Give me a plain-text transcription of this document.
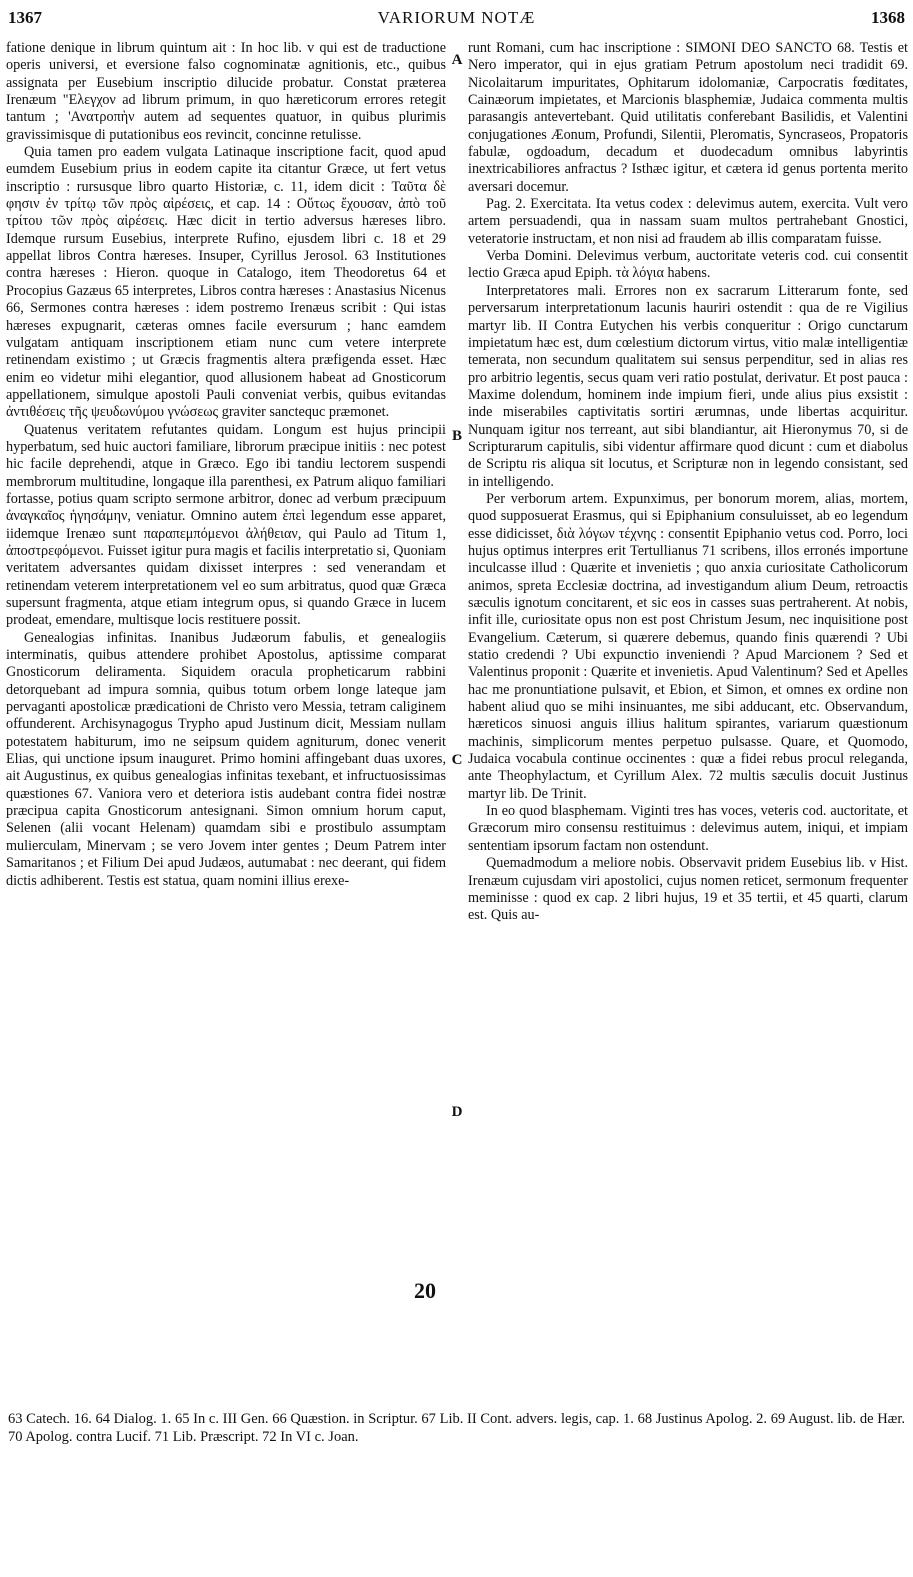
1367	VARIORUM NOTÆ	1368

fatione denique in librum quintum ait : In hoc lib. v qui est de traductione operis universi, et eversione falso cognominatæ agnitionis, etc., quibus assignata per Eusebium inscriptio dilucide probatur. Constat præterea Irenæum "Ελεγχον ad librum primum, in quo hæreticorum errores retegit tantum ; 'Ανατροπὴν autem ad sequentes quatuor, in quibus plurimis gravissimisque di putationibus eos revincit, concinne retulisse.

Quia tamen pro eadem vulgata Latinaque inscriptione facit, quod apud eumdem Eusebium prius in eodem capite ita citantur Græce, ut fert vetus inscriptio : rursusque libro quarto Historiæ, c. 11, idem dicit : Ταῦτα δὲ φησιν ἐν τρίτῳ τῶν πρὸς αἱρέσεις, et cap. 14 : Οὕτως ἔχουσαν, ἀπὸ τοῦ τρίτου τῶν πρὸς αἱρέσεις. Hæc dicit in tertio adversus hæreses libro. Idemque rursum Eusebius, interprete Rufino, ejusdem libri c. 18 et 29 appellat libros Contra hæreses. Insuper, Cyrillus Jerosol. 63 Institutiones contra hæreses : Hieron. quoque in Catalogo, item Theodoretus 64 et Procopius Gazæus 65 interpretes, Libros contra hæreses : Anastasius Nicenus 66, Sermones contra hæreses : idem postremo Irenæus scribit : Qui istas hæreses expugnarit, cæteras omnes facile eversurum ; hanc eamdem vulgatam antiquam inscriptionem etiam nunc cum vetere interprete retinendam existimo ; ut Græcis fragmentis altera præfigenda esset. Hæc enim eo videtur mihi elegantior, quod allusionem habeat ad Gnosticorum appellationem, simulque apostoli Pauli conveniat verbis, quibus evitandas ἀντιθέσεις τῆς ψευδωνύμου γνώσεως graviter sanctequc præmonet.

Quatenus veritatem refutantes quidam. Longum est hujus principii hyperbatum, sed huic auctori familiare, librorum præcipue initiis : nec potest hic facile deprehendi, atque in Græco. Ego ibi tandiu lectorem suspendi membrorum multitudine, longaque illa parenthesi, ex Patrum aliquo familiari fortasse, potius quam scripto sermone arbitror, donec ad verbum præcipuum ἀναγκαῖος ἡγησάμην, veniatur. Omnino autem ἐπεὶ legendum esse apparet, iidemque Irenæo sunt παραπεμπόμενοι ἀλήθειαν, qui Paulo ad Titum 1, ἀποστρεφόμενοι. Fuisset igitur pura magis et facilis interpretatio si, Quoniam veritatem adversantes quidam dixisset interpres : sed venerandam et retinendam veterem interpretationem vel eo sum arbitratus, quod quæ Græca supersunt fragmenta, atque etiam integrum opus, si quando Græce in lucem prodeat, emendare, multisque locis restituere possit.

Genealogias infinitas. Inanibus Judæorum fabulis, et genealogiis interminatis, quibus attendere prohibet Apostolus, aptissime comparat Gnosticorum deliramenta. Siquidem oracula propheticarum rabbini detorquebant ad impura somnia, quibus totum orbem longe lateque jam pervaganti apostolicæ prædicationi de Christo vero Messia, tetram caliginem offunderent. Archisynagogus Trypho apud Justinum dicit, Messiam nullam potestatem habiturum, imo ne seipsum quidem agniturum, donec venerit Elias, qui unctione ipsum inauguret. Primo homini affingebant duas uxores, ait Augustinus, ex quibus genealogias infinitas texebant, et infructuosissimas quæstiones 67. Vaniora vero et deteriora istis audebant contra fidei nostræ præcipua capita Gnosticorum antesignani. Simon omnium horum caput, Selenen (alii vocant Helenam) quamdam sibi e prostibulo assumptam mulierculam, Minervam ; se vero Jovem inter gentes ; Deum Patrem inter Samaritanos ; et Filium Dei apud Judæos, autumabat : nec deerant, qui fidem dictis adhiberent. Testis est statua, quam nomini illius erexe-

runt Romani, cum hac inscriptione : SIMONI DEO SANCTO 68. Testis et Nero imperator, qui in ejus gratiam Petrum apostolum neci tradidit 69. Nicolaitarum impuritates, Ophitarum idolomaniæ, Carpocratis fœditates, Cainæorum impietates, et Marcionis blasphemiæ, Judaica commenta multis parasangis antevertebant. Quid utilitatis conferebant Basilidis, et Valentini conjugationes Æonum, Profundi, Silentii, Pleromatis, Syncraseos, Propatoris fabulæ, ogdoadum, decadum et duodecadum omnibus labyrintis inextricabiliores anfractus ? Isthæc igitur, et cætera id genus portenta merito aversari docemur.

Pag. 2. Exercitata. Ita vetus codex : delevimus autem, exercita. Vult vero artem persuadendi, qua in nassam suam multos pertrahebant Gnostici, veteratorie instructam, et non nisi ad fraudem ab illis comparatam fuisse.

Verba Domini. Delevimus verbum, auctoritate veteris cod. cui consentit lectio Græca apud Epiph. τὰ λόγια habens.

Interpretatores mali. Errores non ex sacrarum Litterarum fonte, sed perversarum interpretationum lacunis hauriri ostendit : qua de re Vigilius martyr lib. II Contra Eutychen his verbis conqueritur : Origo cunctarum impietatum hæc est, dum cœlestium dictorum virtus, vitio malæ intelligentiæ temerata, non secundum qualitatem sui sensus perpenditur, sed in alias res pro arbitrio legentis, secus quam veri ratio postulat, derivatur. Et post pauca : Maxime dolendum, hominem inde impium fieri, unde alius pius exsistit : inde miserabiles captivitatis sortiri ærumnas, unde libertas acquiritur. Nunquam igitur nos terreant, aut sibi blandiantur, ait Hieronymus 70, si de Scripturarum capitulis, sibi videntur affirmare quod dicunt : cum et diabolus de Scriptu ris aliqua sit locutus, et Scripturæ non in legendo consistant, sed in intelligendo.

Per verborum artem. Expunximus, per bonorum morem, alias, mortem, quod supposuerat Erasmus, qui si Epiphanium consuluisset, ab eo legendum esse didicisset, διὰ λόγων τέχνης : consentit Epiphanio vetus cod. Porro, loci hujus optimus interpres erit Tertullianus 71 scribens, illos erronés importune inculcasse illud : Quærite et invenietis ; quo anxia curiositate Catholicorum animos, spreta Ecclesiæ doctrina, ad investigandum alium Deum, retroactis sæculis ignotum concitarent, et sic eos in casses suas pertraherent. At nobis, infit ille, curiositate opus non est post Christum Jesum, nec inquisitione post Evangelium. Cæterum, si quærere debemus, quando finis quærendi ? Ubi statio credendi ? Ubi expunctio inveniendi ? Apud Marcionem ? Sed et Valentinus proponit : Quærite et invenietis. Apud Valentinum? Sed et Apelles hac me pronuntiatione pulsavit, et Ebion, et Simon, et omnes ex ordine non habent aliud quo se mihi insinuantes, me sibi adducant, etc. Observandum, hæreticos sinuosi anguis illius halitum spirantes, variarum quæstionum machinis, simplicorum mentes perpetuo pulsasse. Quare, et Quomodo, Judaica vocabula continue occinentes : quæ a fidei rebus procul releganda, ante Theophylactum, et Cyrillum Alex. 72 multis sæculis docuit Justinus martyr lib. De Trinit.

In eo quod blasphemam. Viginti tres has voces, veteris cod. auctoritate, et Græcorum miro consensu restituimus : delevimus autem, iniqui, et impiam sententiam ipsorum factam non ostendunt.

Quemadmodum a meliore nobis. Observavit pridem Eusebius lib. v Hist. Irenæum cujusdam viri apostolici, cujus nomen reticet, sermonum frequenter meminisse : quod ex cap. 2 libri hujus, 19 et 35 tertii, et 45 quarti, clarum est. Quis au-

A
B
C
D
20
63 Catech. 16. 64 Dialog. 1. 65 In c. III Gen. 66 Quæstion. in Scriptur. 67 Lib. II Cont. advers. legis, cap. 1. 68 Justinus Apolog. 2. 69 August. lib. de Hær. 70 Apolog. contra Lucif. 71 Lib. Præscript. 72 In VI c. Joan.
